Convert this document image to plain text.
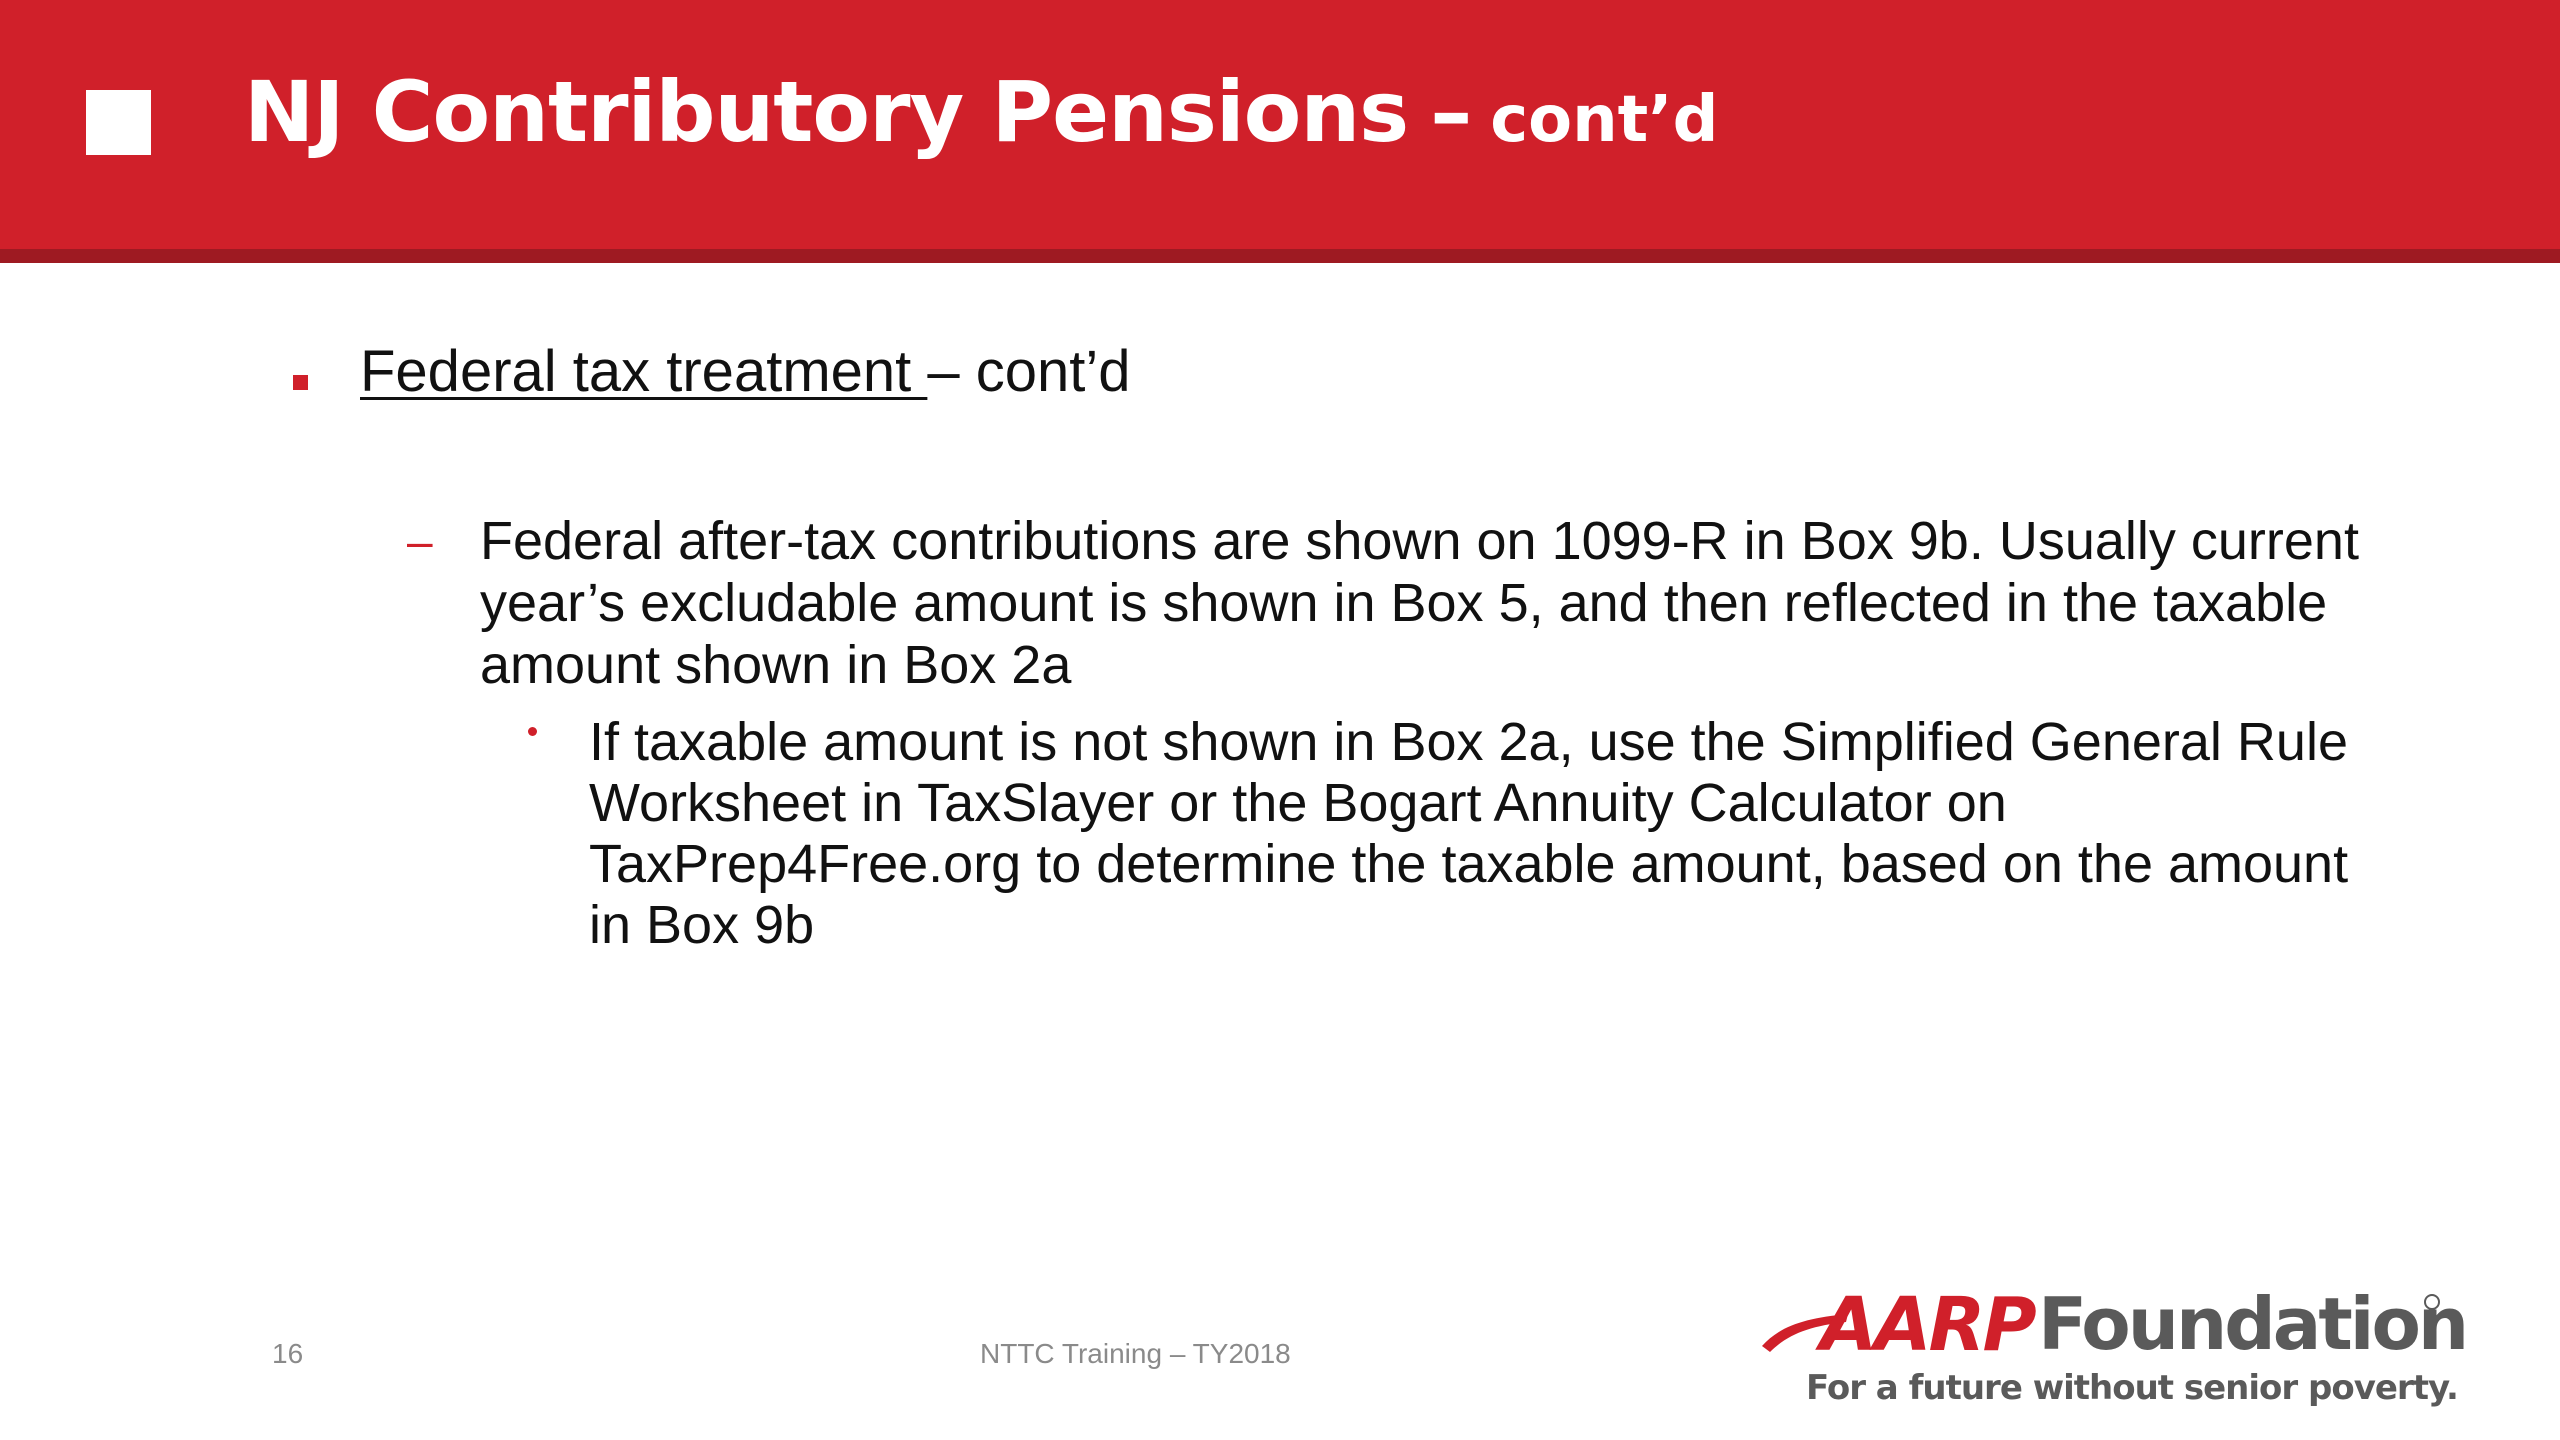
NJ Contributory Pensions – cont’d
Federal tax treatment – cont’d
– Federal after-tax contributions are shown on 1099-R in Box 9b. Usually current year’s excludable amount is shown in Box 5, and then reflected in the taxable amount shown in Box 2a
If taxable amount is not shown in Box 2a, use the Simplified General Rule Worksheet in TaxSlayer or the Bogart Annuity Calculator on TaxPrep4Free.org to determine the taxable amount, based on the amount in Box 9b
16	NTTC Training – TY2018	AARP Foundation
For a future without senior poverty.
